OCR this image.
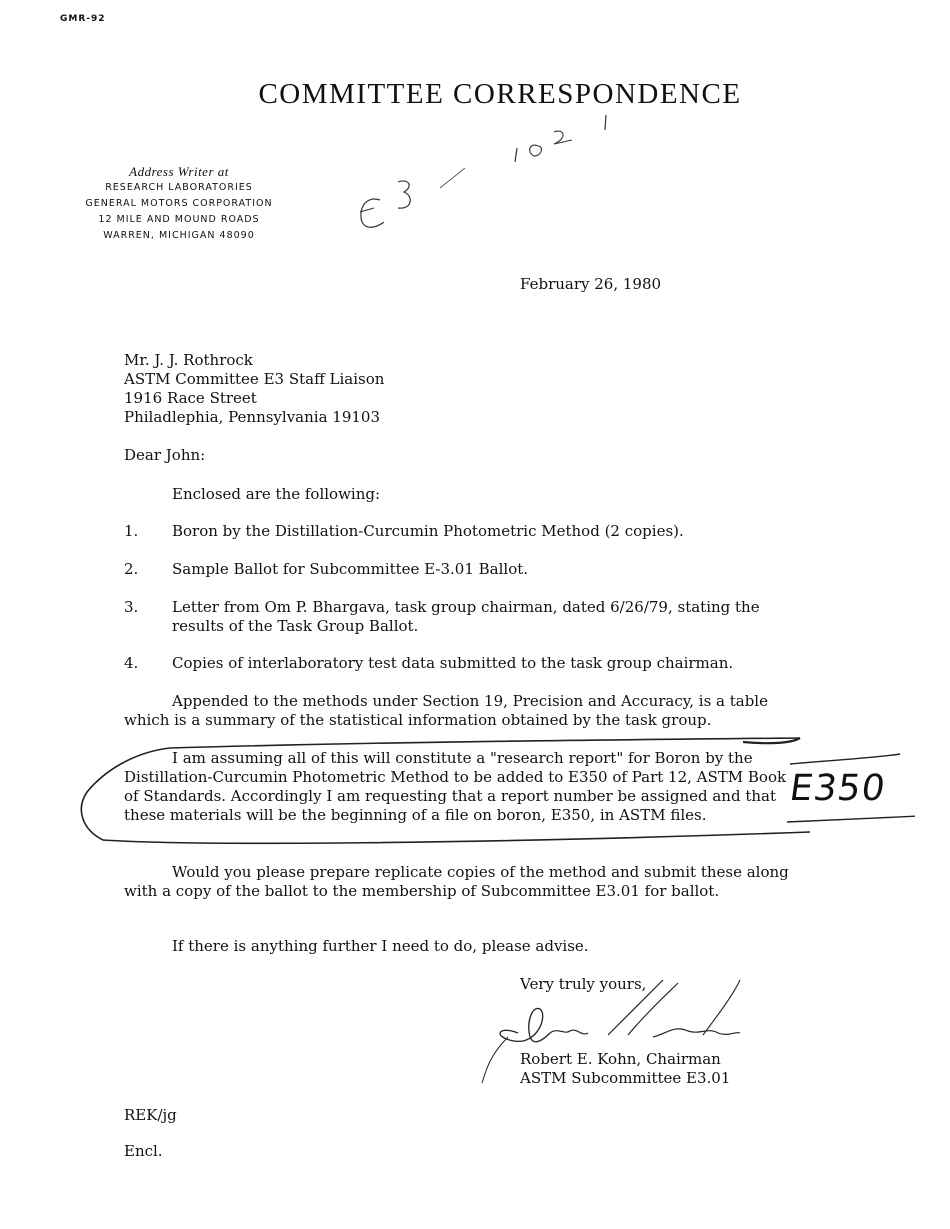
GMR-92
COMMITTEE CORRESPONDENCE
Address Writer at
RESEARCH LABORATORIES
GENERAL MOTORS CORPORATION
12 MILE AND MOUND ROADS
WARREN, MICHIGAN 48090
February 26, 1980
Mr. J. J. Rothrock
ASTM Committee E3 Staff Liaison
1916 Race Street
Philadlephia, Pennsylvania 19103
Dear John:
Enclosed are the following:
1. Boron by the Distillation-Curcumin Photometric Method (2 copies).
2. Sample Ballot for Subcommittee E-3.01 Ballot.
3. Letter from Om P. Bhargava, task group chairman, dated 6/26/79, stating the results of the Task Group Ballot.
4. Copies of interlaboratory test data submitted to the task group chairman.
Appended to the methods under Section 19, Precision and Accuracy, is a table which is a summary of the statistical information obtained by the task group.
I am assuming all of this will constitute a "research report" for Boron by the Distillation-Curcumin Photometric Method to be added to E350 of Part 12, ASTM Book of Standards. Accordingly I am requesting that a report number be assigned and that these materials will be the beginning of a file on boron, E350, in ASTM files.
E350
Would you please prepare replicate copies of the method and submit these along with a copy of the ballot to the membership of Subcommittee E3.01 for ballot.
If there is anything further I need to do, please advise.
Very truly yours,
Robert E. Kohn, Chairman
ASTM Subcommittee E3.01
REK/jg
Encl.
